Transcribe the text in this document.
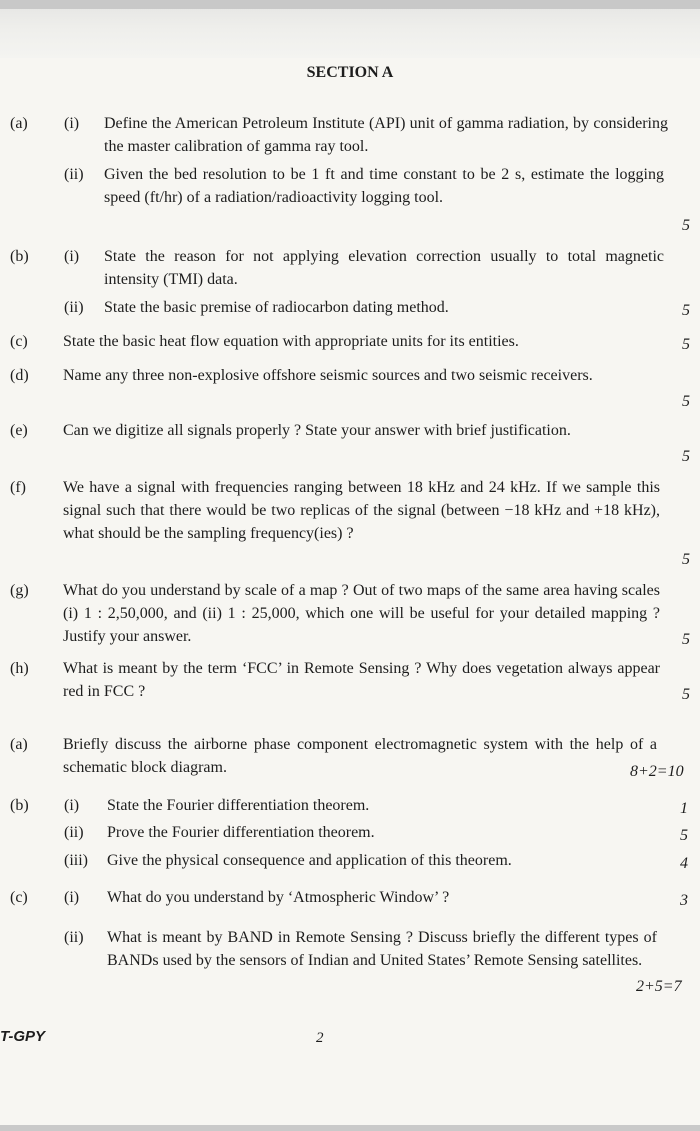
SECTION A
(a) (i) Define the American Petroleum Institute (API) unit of gamma radiation, by considering the master calibration of gamma ray tool.
(ii) Given the bed resolution to be 1 ft and time constant to be 2 s, estimate the logging speed (ft/hr) of a radiation/radioactivity logging tool.
5
(b) (i) State the reason for not applying elevation correction usually to total magnetic intensity (TMI) data.
(ii) State the basic premise of radiocarbon dating method.	5
(c) State the basic heat flow equation with appropriate units for its entities.	5
(d) Name any three non-explosive offshore seismic sources and two seismic receivers.
5
(e) Can we digitize all signals properly ? State your answer with brief justification.
5
(f) We have a signal with frequencies ranging between 18 kHz and 24 kHz. If we sample this signal such that there would be two replicas of the signal (between −18 kHz and +18 kHz), what should be the sampling frequency(ies) ?
5
(g) What do you understand by scale of a map ? Out of two maps of the same area having scales (i) 1 : 2,50,000, and (ii) 1 : 25,000, which one will be useful for your detailed mapping ? Justify your answer.	5
(h) What is meant by the term ‘FCC’ in Remote Sensing ? Why does vegetation always appear red in FCC ?	5
(a) Briefly discuss the airborne phase component electromagnetic system with the help of a schematic block diagram.	8+2=10
(b) (i) State the Fourier differentiation theorem.	1
(ii) Prove the Fourier differentiation theorem.	5
(iii) Give the physical consequence and application of this theorem.	4
(c) (i) What do you understand by ‘Atmospheric Window’ ?	3
(ii) What is meant by BAND in Remote Sensing ? Discuss briefly the different types of BANDs used by the sensors of Indian and United States’ Remote Sensing satellites.
2+5=7
T-GPY	2
